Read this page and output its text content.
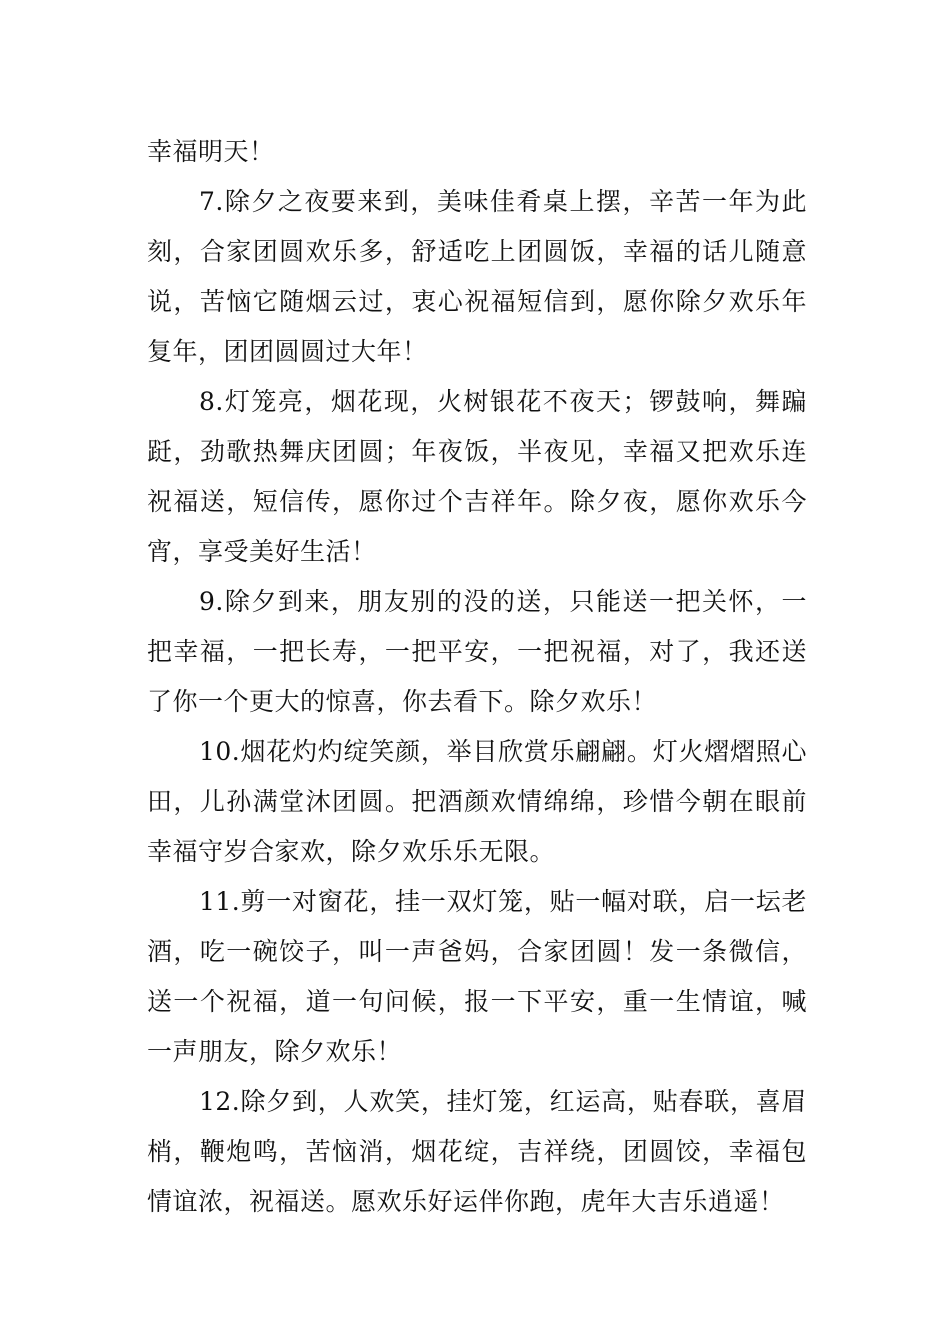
幸福明天！

7.除夕之夜要来到，美味佳肴桌上摆，辛苦一年为此刻，合家团圆欢乐多，舒适吃上团圆饭，幸福的话儿随意说，苦恼它随烟云过，衷心祝福短信到，愿你除夕欢乐年复年，团团圆圆过大年！

8.灯笼亮，烟花现，火树银花不夜天；锣鼓响，舞蹁跹，劲歌热舞庆团圆；年夜饭，半夜见，幸福又把欢乐连祝福送，短信传，愿你过个吉祥年。除夕夜，愿你欢乐今宵，享受美好生活！

9.除夕到来，朋友别的没的送，只能送一把关怀，一把幸福，一把长寿，一把平安，一把祝福，对了，我还送了你一个更大的惊喜，你去看下。除夕欢乐！

10.烟花灼灼绽笑颜，举目欣赏乐翩翩。灯火熠熠照心田，儿孙满堂沐团圆。把酒颜欢情绵绵，珍惜今朝在眼前幸福守岁合家欢，除夕欢乐乐无限。

11.剪一对窗花，挂一双灯笼，贴一幅对联，启一坛老酒，吃一碗饺子，叫一声爸妈，合家团圆！发一条微信，送一个祝福，道一句问候，报一下平安，重一生情谊，喊一声朋友，除夕欢乐！

12.除夕到，人欢笑，挂灯笼，红运高，贴春联，喜眉梢，鞭炮鸣，苦恼消，烟花绽，吉祥绕，团圆饺，幸福包情谊浓，祝福送。愿欢乐好运伴你跑，虎年大吉乐逍遥！
